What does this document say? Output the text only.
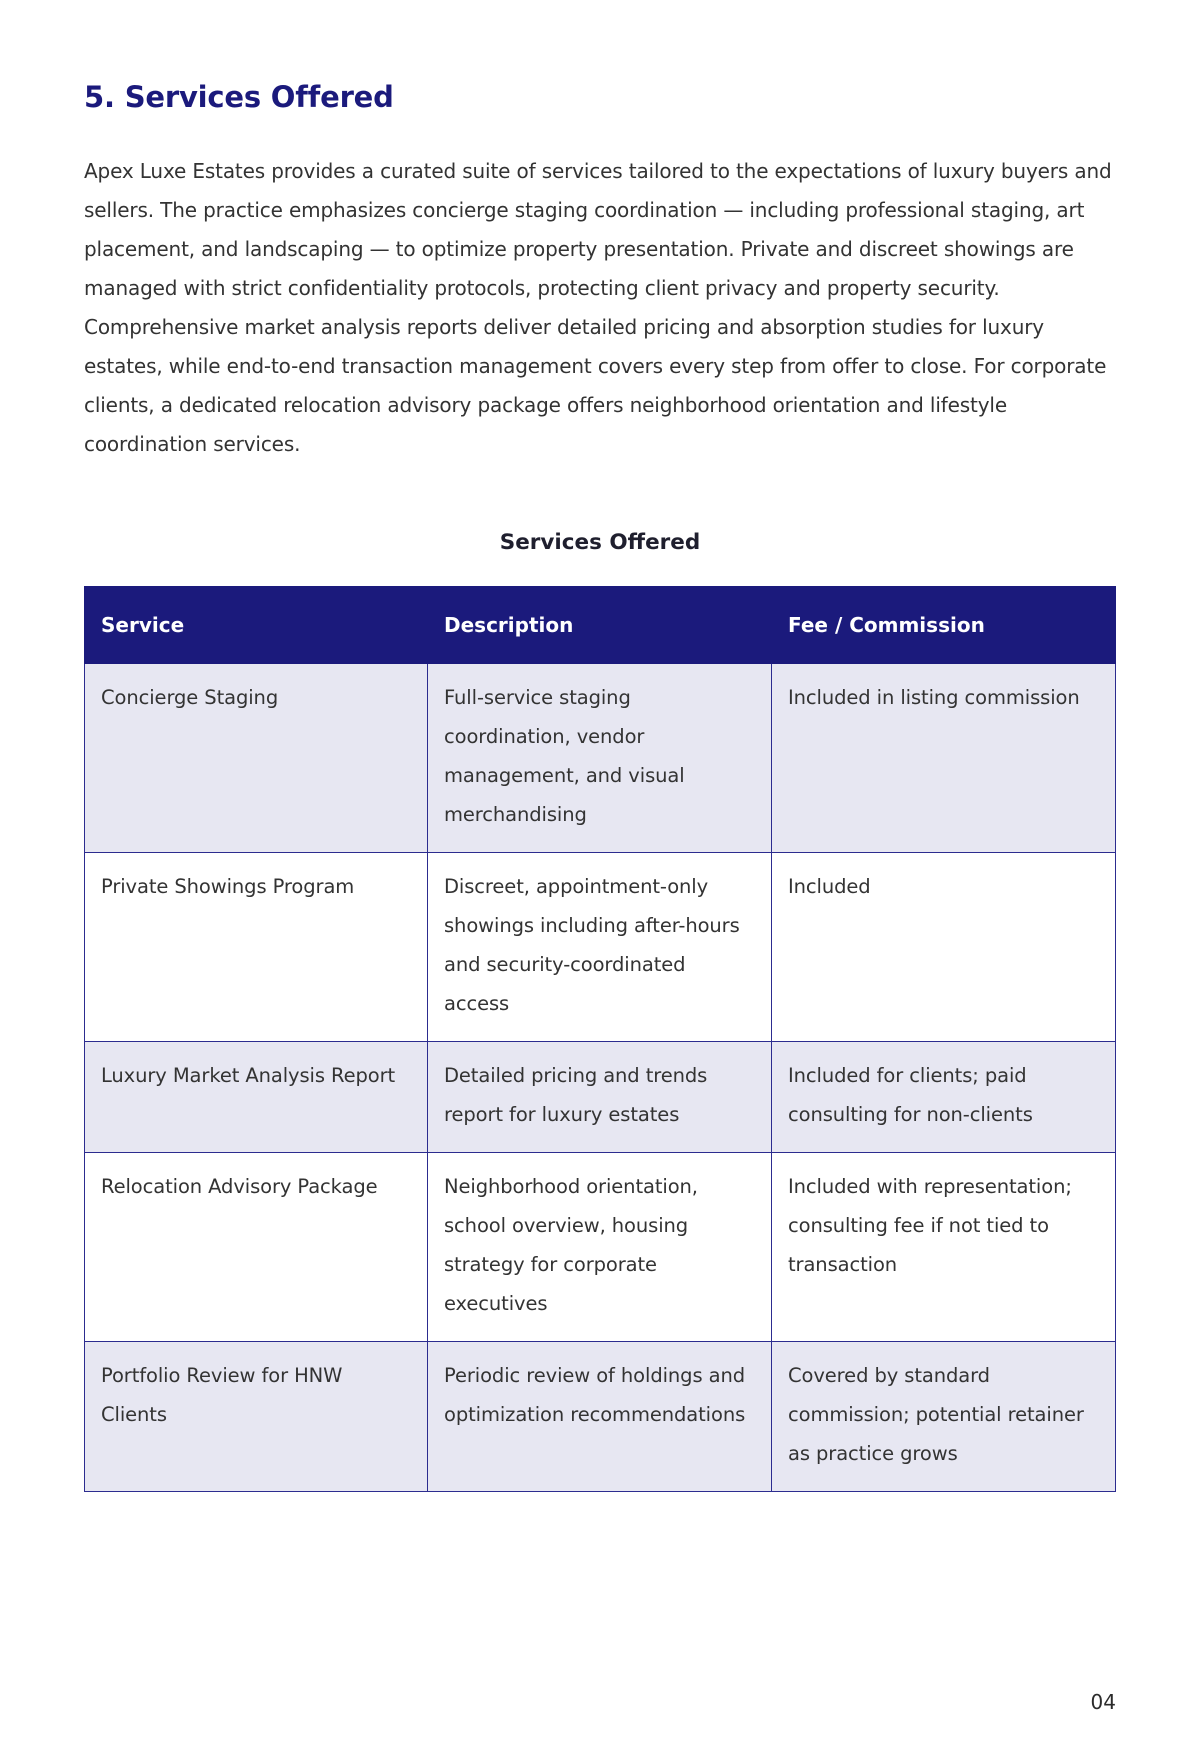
5. Services Offered

Apex Luxe Estates provides a curated suite of services tailored to the expectations of luxury buyers and sellers. The practice emphasizes concierge staging coordination — including professional staging, art placement, and landscaping — to optimize property presentation. Private and discreet showings are managed with strict confidentiality protocols, protecting client privacy and property security. Comprehensive market analysis reports deliver detailed pricing and absorption studies for luxury estates, while end-to-end transaction management covers every step from offer to close. For corporate clients, a dedicated relocation advisory package offers neighborhood orientation and lifestyle coordination services.

Services Offered
Service	Description	Fee / Commission
Concierge Staging	Full-service staging coordination, vendor management, and visual merchandising	Included in listing commission
Private Showings Program	Discreet, appointment-only showings including after-hours and security-coordinated access	Included
Luxury Market Analysis Report	Detailed pricing and trends report for luxury estates	Included for clients; paid consulting for non-clients
Relocation Advisory Package	Neighborhood orientation, school overview, housing strategy for corporate executives	Included with representation; consulting fee if not tied to transaction
Portfolio Review for HNW Clients	Periodic review of holdings and optimization recommendations	Covered by standard commission; potential retainer as practice grows
04
